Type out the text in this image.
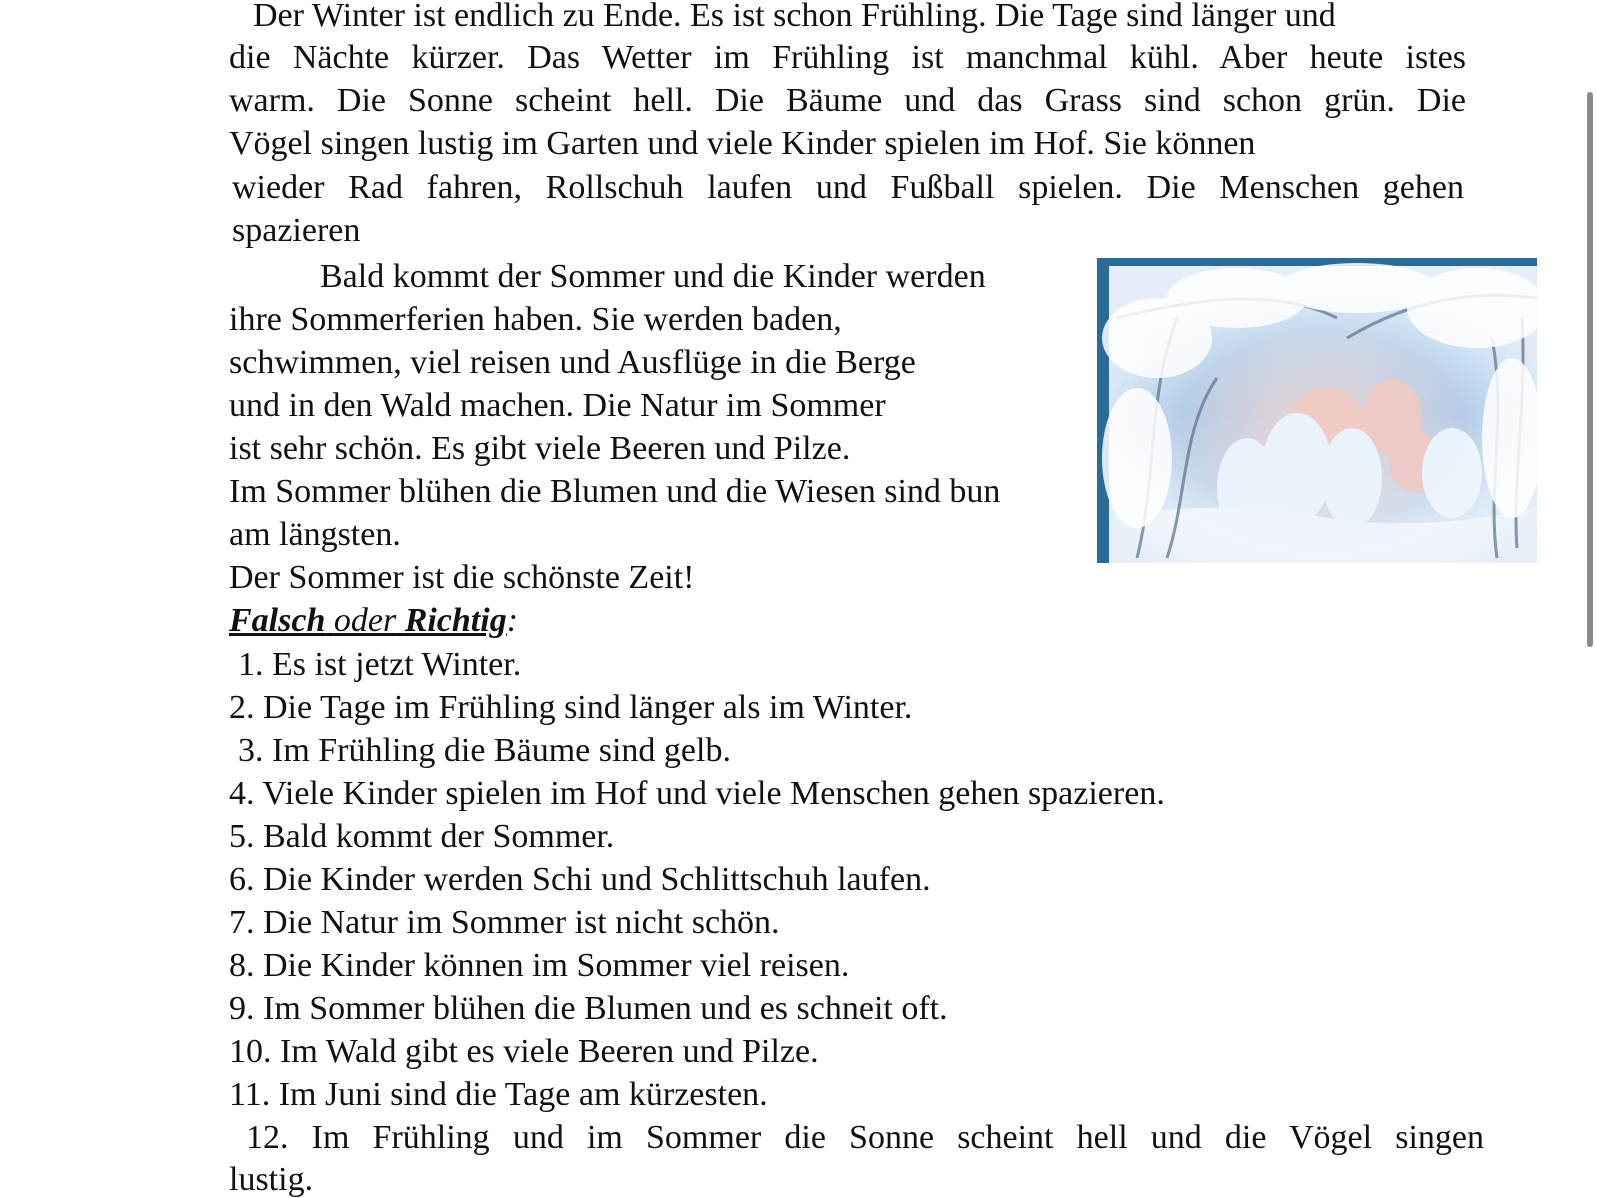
Der Winter ist endlich zu Ende. Es ist schon Frühling. Die Tage sind länger und
die Nächte kürzer. Das Wetter im Frühling ist manchmal kühl. Aber heute istes
warm. Die Sonne scheint hell. Die Bäume und das Grass sind schon grün. Die
Vögel singen lustig im Garten und viele Kinder spielen im Hof. Sie können
wieder Rad fahren, Rollschuh laufen und Fußball spielen. Die Menschen gehen
spazieren
Bald kommt der Sommer und die Kinder werden
ihre Sommerferien haben. Sie werden baden,
schwimmen, viel reisen und Ausflüge in die Berge
und in den Wald machen. Die Natur im Sommer
ist sehr schön. Es gibt viele Beeren und Pilze.
Im Sommer blühen die Blumen und die Wiesen sind bun
am längsten.
Der Sommer ist die schönste Zeit!
Falsch oder Richtig:
1. Es ist jetzt Winter.
2. Die Tage im Frühling sind länger als im Winter.
3. Im Frühling die Bäume sind gelb.
4. Viele Kinder spielen im Hof und viele Menschen gehen spazieren.
5. Bald kommt der Sommer.
6. Die Kinder werden Schi und Schlittschuh laufen.
7. Die Natur im Sommer ist nicht schön.
8. Die Kinder können im Sommer viel reisen.
9. Im Sommer blühen die Blumen und es schneit oft.
10. Im Wald gibt es viele Beeren und Pilze.
11. Im Juni sind die Tage am kürzesten.
12. Im Frühling und im Sommer die Sonne scheint hell und die Vögel singen
lustig.
